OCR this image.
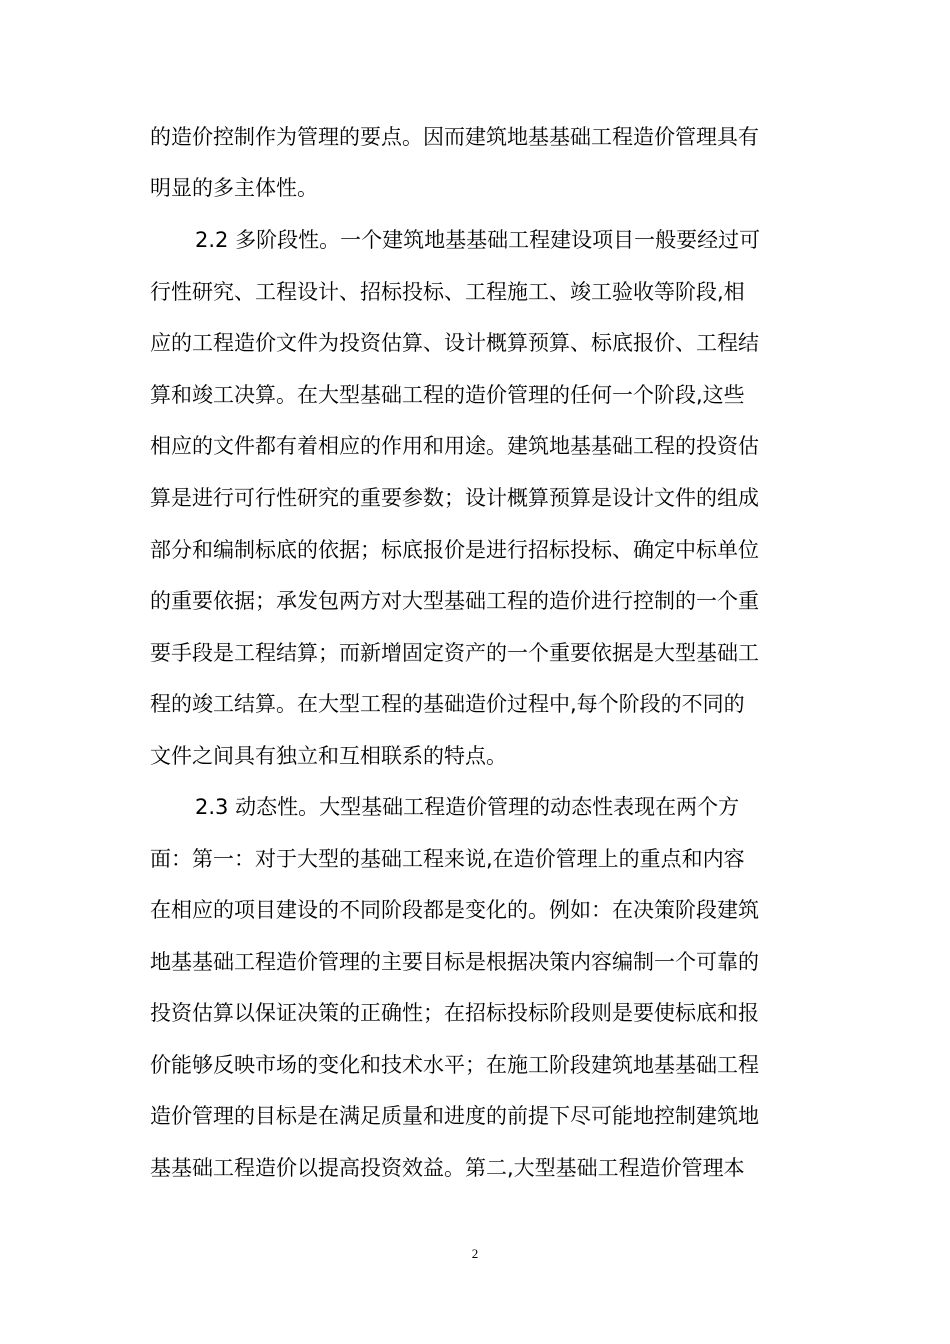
的造价控制作为管理的要点。因而建筑地基基础工程造价管理具有
明显的多主体性。
2.2 多阶段性。一个建筑地基基础工程建设项目一般要经过可
行性研究、工程设计、招标投标、工程施工、竣工验收等阶段,相
应的工程造价文件为投资估算、设计概算预算、标底报价、工程结
算和竣工决算。在大型基础工程的造价管理的任何一个阶段,这些
相应的文件都有着相应的作用和用途。建筑地基基础工程的投资估
算是进行可行性研究的重要参数；设计概算预算是设计文件的组成
部分和编制标底的依据；标底报价是进行招标投标、确定中标单位
的重要依据；承发包两方对大型基础工程的造价进行控制的一个重
要手段是工程结算；而新增固定资产的一个重要依据是大型基础工
程的竣工结算。在大型工程的基础造价过程中,每个阶段的不同的
文件之间具有独立和互相联系的特点。
2.3 动态性。大型基础工程造价管理的动态性表现在两个方
面：第一：对于大型的基础工程来说,在造价管理上的重点和内容
在相应的项目建设的不同阶段都是变化的。例如：在决策阶段建筑
地基基础工程造价管理的主要目标是根据决策内容编制一个可靠的
投资估算以保证决策的正确性；在招标投标阶段则是要使标底和报
价能够反映市场的变化和技术水平；在施工阶段建筑地基基础工程
造价管理的目标是在满足质量和进度的前提下尽可能地控制建筑地
基基础工程造价以提高投资效益。第二,大型基础工程造价管理本
2
